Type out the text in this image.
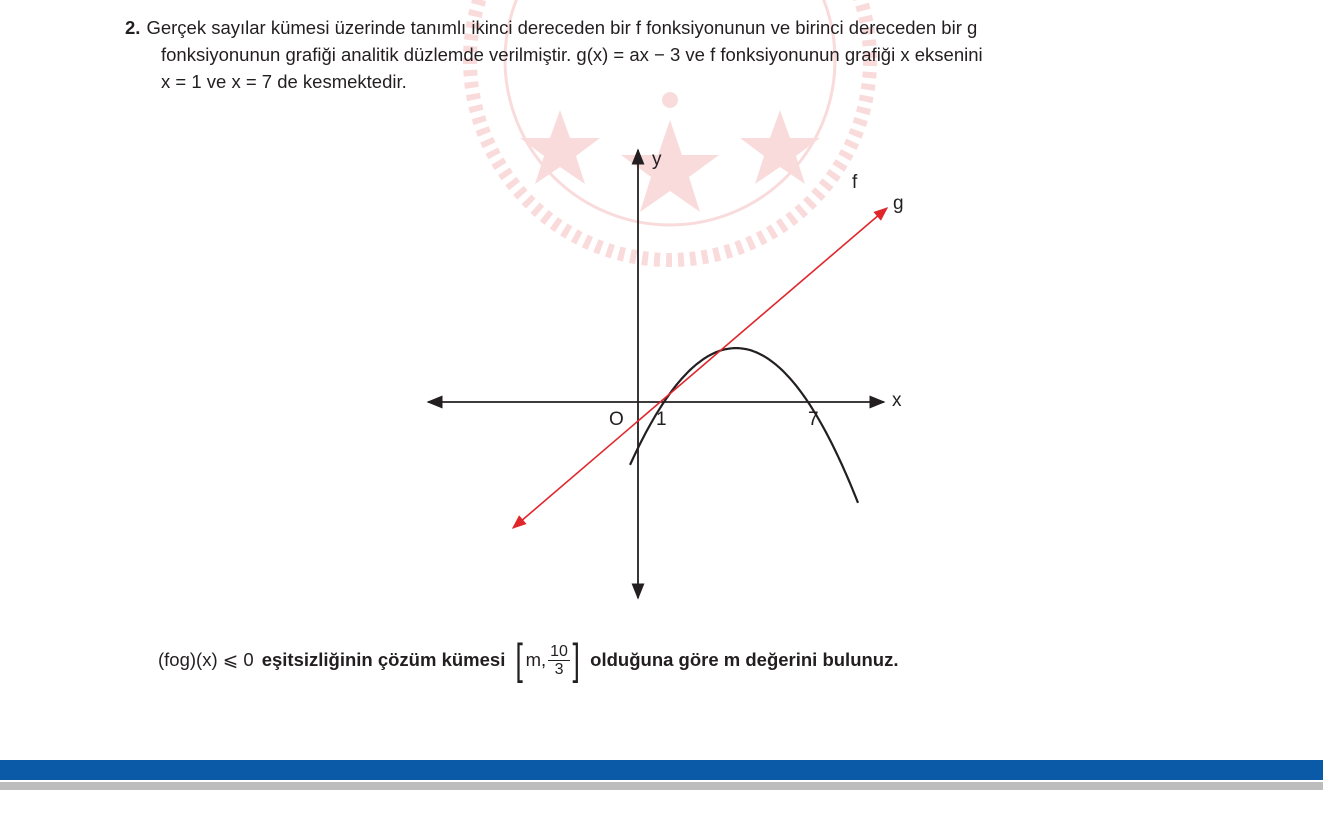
2. Gerçek sayılar kümesi üzerinde tanımlı ikinci dereceden bir f fonksiyonunun ve birinci dereceden bir g
fonksiyonunun grafiği analitik düzlemde verilmiştir. g(x) = ax − 3 ve f fonksiyonunun grafiği x eksenini
x = 1 ve x = 7 de kesmektedir.
y
x
O 1	7
f
g
(fog)(x) ⩽ 0 eşitsizliğinin çözüm kümesi [ m, $\frac{10}{3}$ ] olduğuna göre m değerini bulunuz.
